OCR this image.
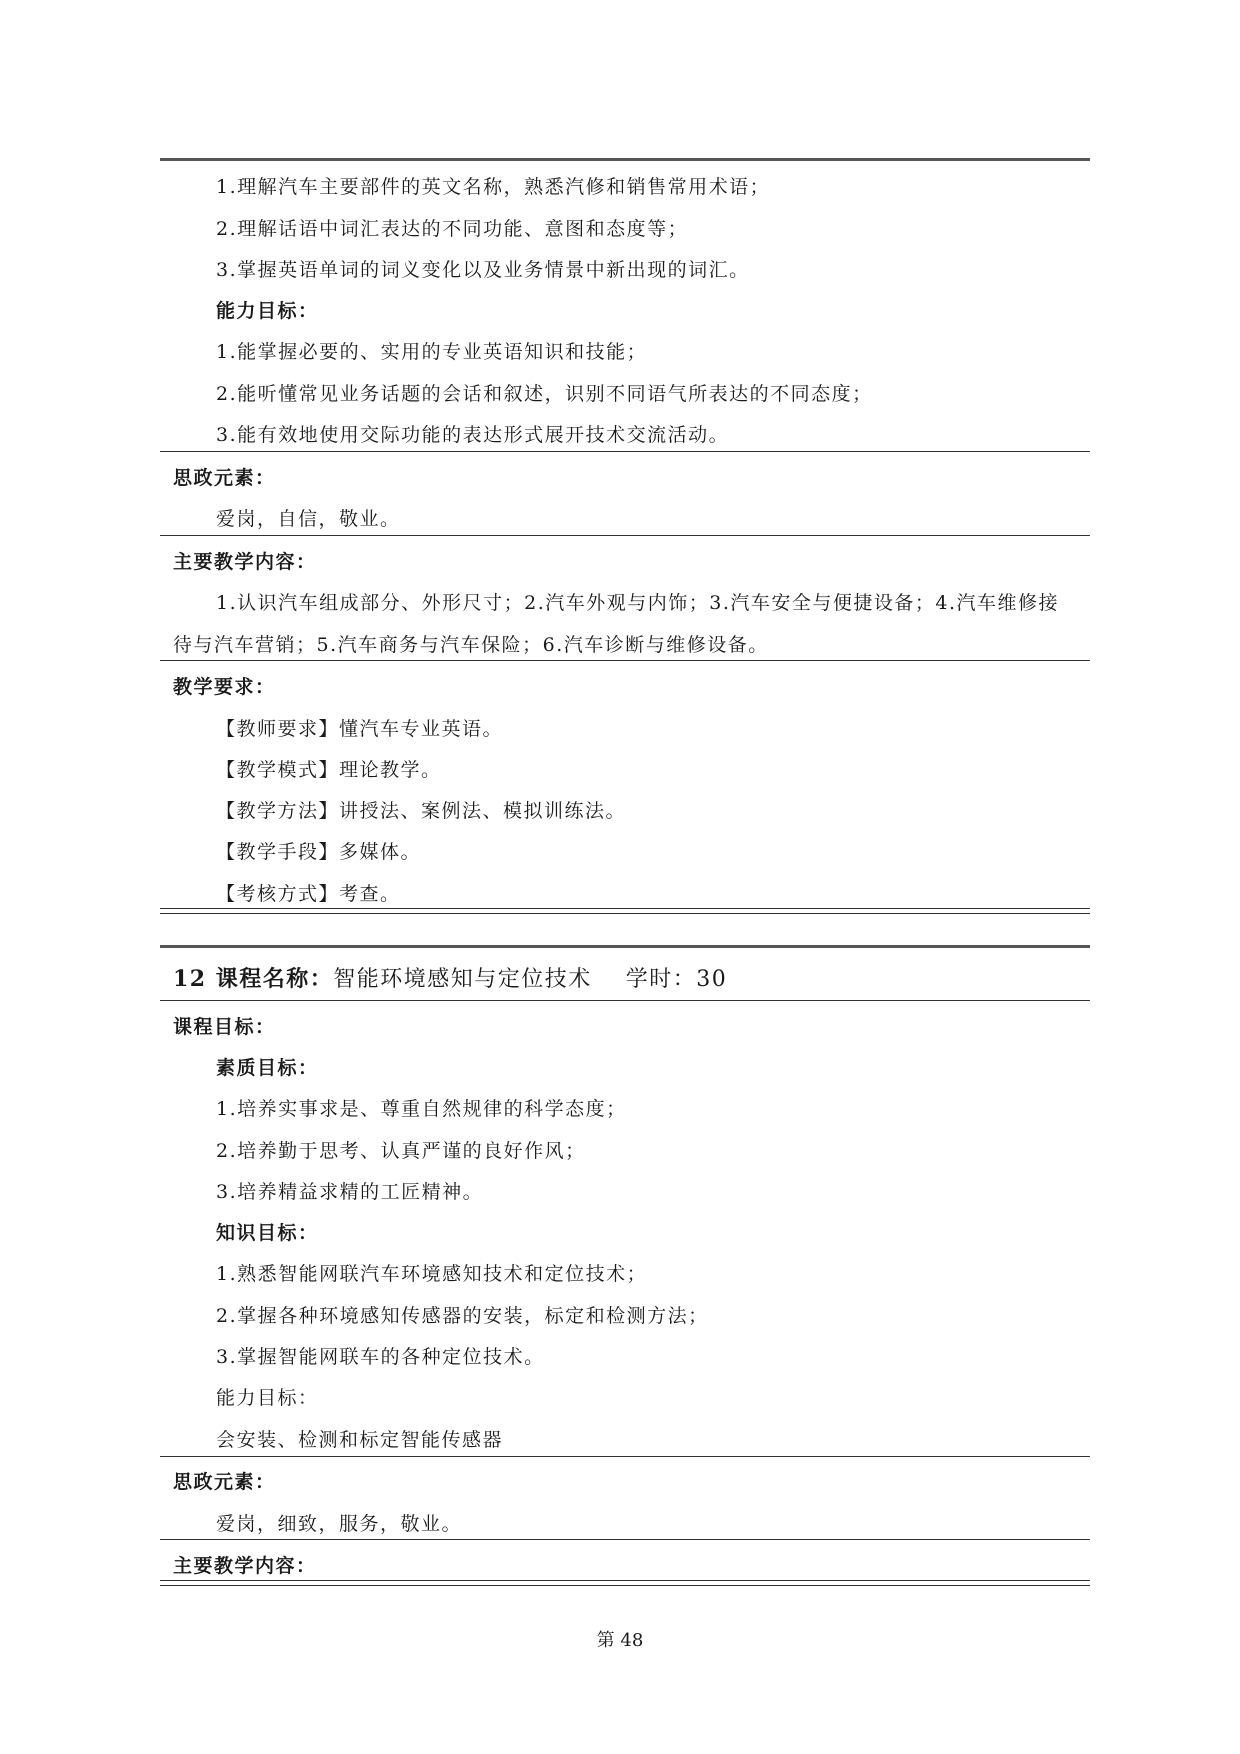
1.理解汽车主要部件的英文名称，熟悉汽修和销售常用术语；
2.理解话语中词汇表达的不同功能、意图和态度等；
3.掌握英语单词的词义变化以及业务情景中新出现的词汇。
能力目标：
1.能掌握必要的、实用的专业英语知识和技能；
2.能听懂常见业务话题的会话和叙述，识别不同语气所表达的不同态度；
3.能有效地使用交际功能的表达形式展开技术交流活动。
思政元素：
爱岗，自信，敬业。
主要教学内容：
1.认识汽车组成部分、外形尺寸；2.汽车外观与内饰；3.汽车安全与便捷设备；4.汽车维修接
待与汽车营销；5.汽车商务与汽车保险；6.汽车诊断与维修设备。
教学要求：
【教师要求】懂汽车专业英语。
【教学模式】理论教学。
【教学方法】讲授法、案例法、模拟训练法。
【教学手段】多媒体。
【考核方式】考查。
12 课程名称：智能环境感知与定位技术 学时：30
课程目标：
素质目标：
1.培养实事求是、尊重自然规律的科学态度；
2.培养勤于思考、认真严谨的良好作风；
3.培养精益求精的工匠精神。
知识目标：
1.熟悉智能网联汽车环境感知技术和定位技术；
2.掌握各种环境感知传感器的安装，标定和检测方法；
3.掌握智能网联车的各种定位技术。
能力目标：
会安装、检测和标定智能传感器
思政元素：
爱岗，细致，服务，敬业。
主要教学内容：
第 48
